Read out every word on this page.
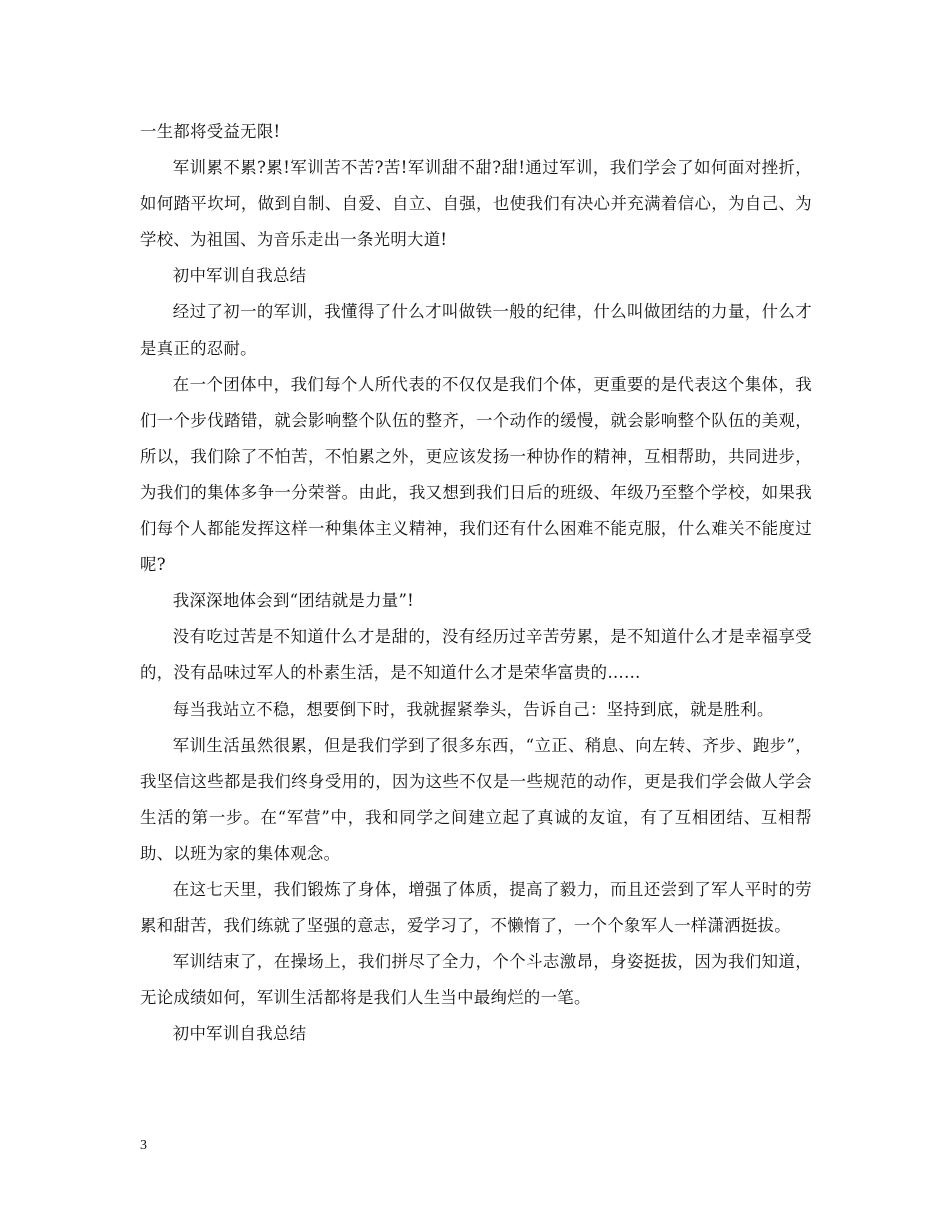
一生都将受益无限!

军训累不累?累!军训苦不苦?苦!军训甜不甜?甜!通过军训，我们学会了如何面对挫折，如何踏平坎坷，做到自制、自爱、自立、自强，也使我们有决心并充满着信心，为自己、为学校、为祖国、为音乐走出一条光明大道!

初中军训自我总结

经过了初一的军训，我懂得了什么才叫做铁一般的纪律，什么叫做团结的力量，什么才是真正的忍耐。

在一个团体中，我们每个人所代表的不仅仅是我们个体，更重要的是代表这个集体，我们一个步伐踏错，就会影响整个队伍的整齐，一个动作的缓慢，就会影响整个队伍的美观，所以，我们除了不怕苦，不怕累之外，更应该发扬一种协作的精神，互相帮助，共同进步，为我们的集体多争一分荣誉。由此，我又想到我们日后的班级、年级乃至整个学校，如果我们每个人都能发挥这样一种集体主义精神，我们还有什么困难不能克服，什么难关不能度过呢?

我深深地体会到“团结就是力量”!

没有吃过苦是不知道什么才是甜的，没有经历过辛苦劳累，是不知道什么才是幸福享受的，没有品味过军人的朴素生活，是不知道什么才是荣华富贵的……

每当我站立不稳，想要倒下时，我就握紧拳头，告诉自己：坚持到底，就是胜利。

军训生活虽然很累，但是我们学到了很多东西，“立正、稍息、向左转、齐步、跑步”，我坚信这些都是我们终身受用的，因为这些不仅是一些规范的动作，更是我们学会做人学会生活的第一步。在“军营”中，我和同学之间建立起了真诚的友谊，有了互相团结、互相帮助、以班为家的集体观念。

在这七天里，我们锻炼了身体，增强了体质，提高了毅力，而且还尝到了军人平时的劳累和甜苦，我们练就了坚强的意志，爱学习了，不懒惰了，一个个象军人一样潇洒挺拔。

军训结束了，在操场上，我们拼尽了全力，个个斗志激昂，身姿挺拔，因为我们知道，无论成绩如何，军训生活都将是我们人生当中最绚烂的一笔。

初中军训自我总结

3
